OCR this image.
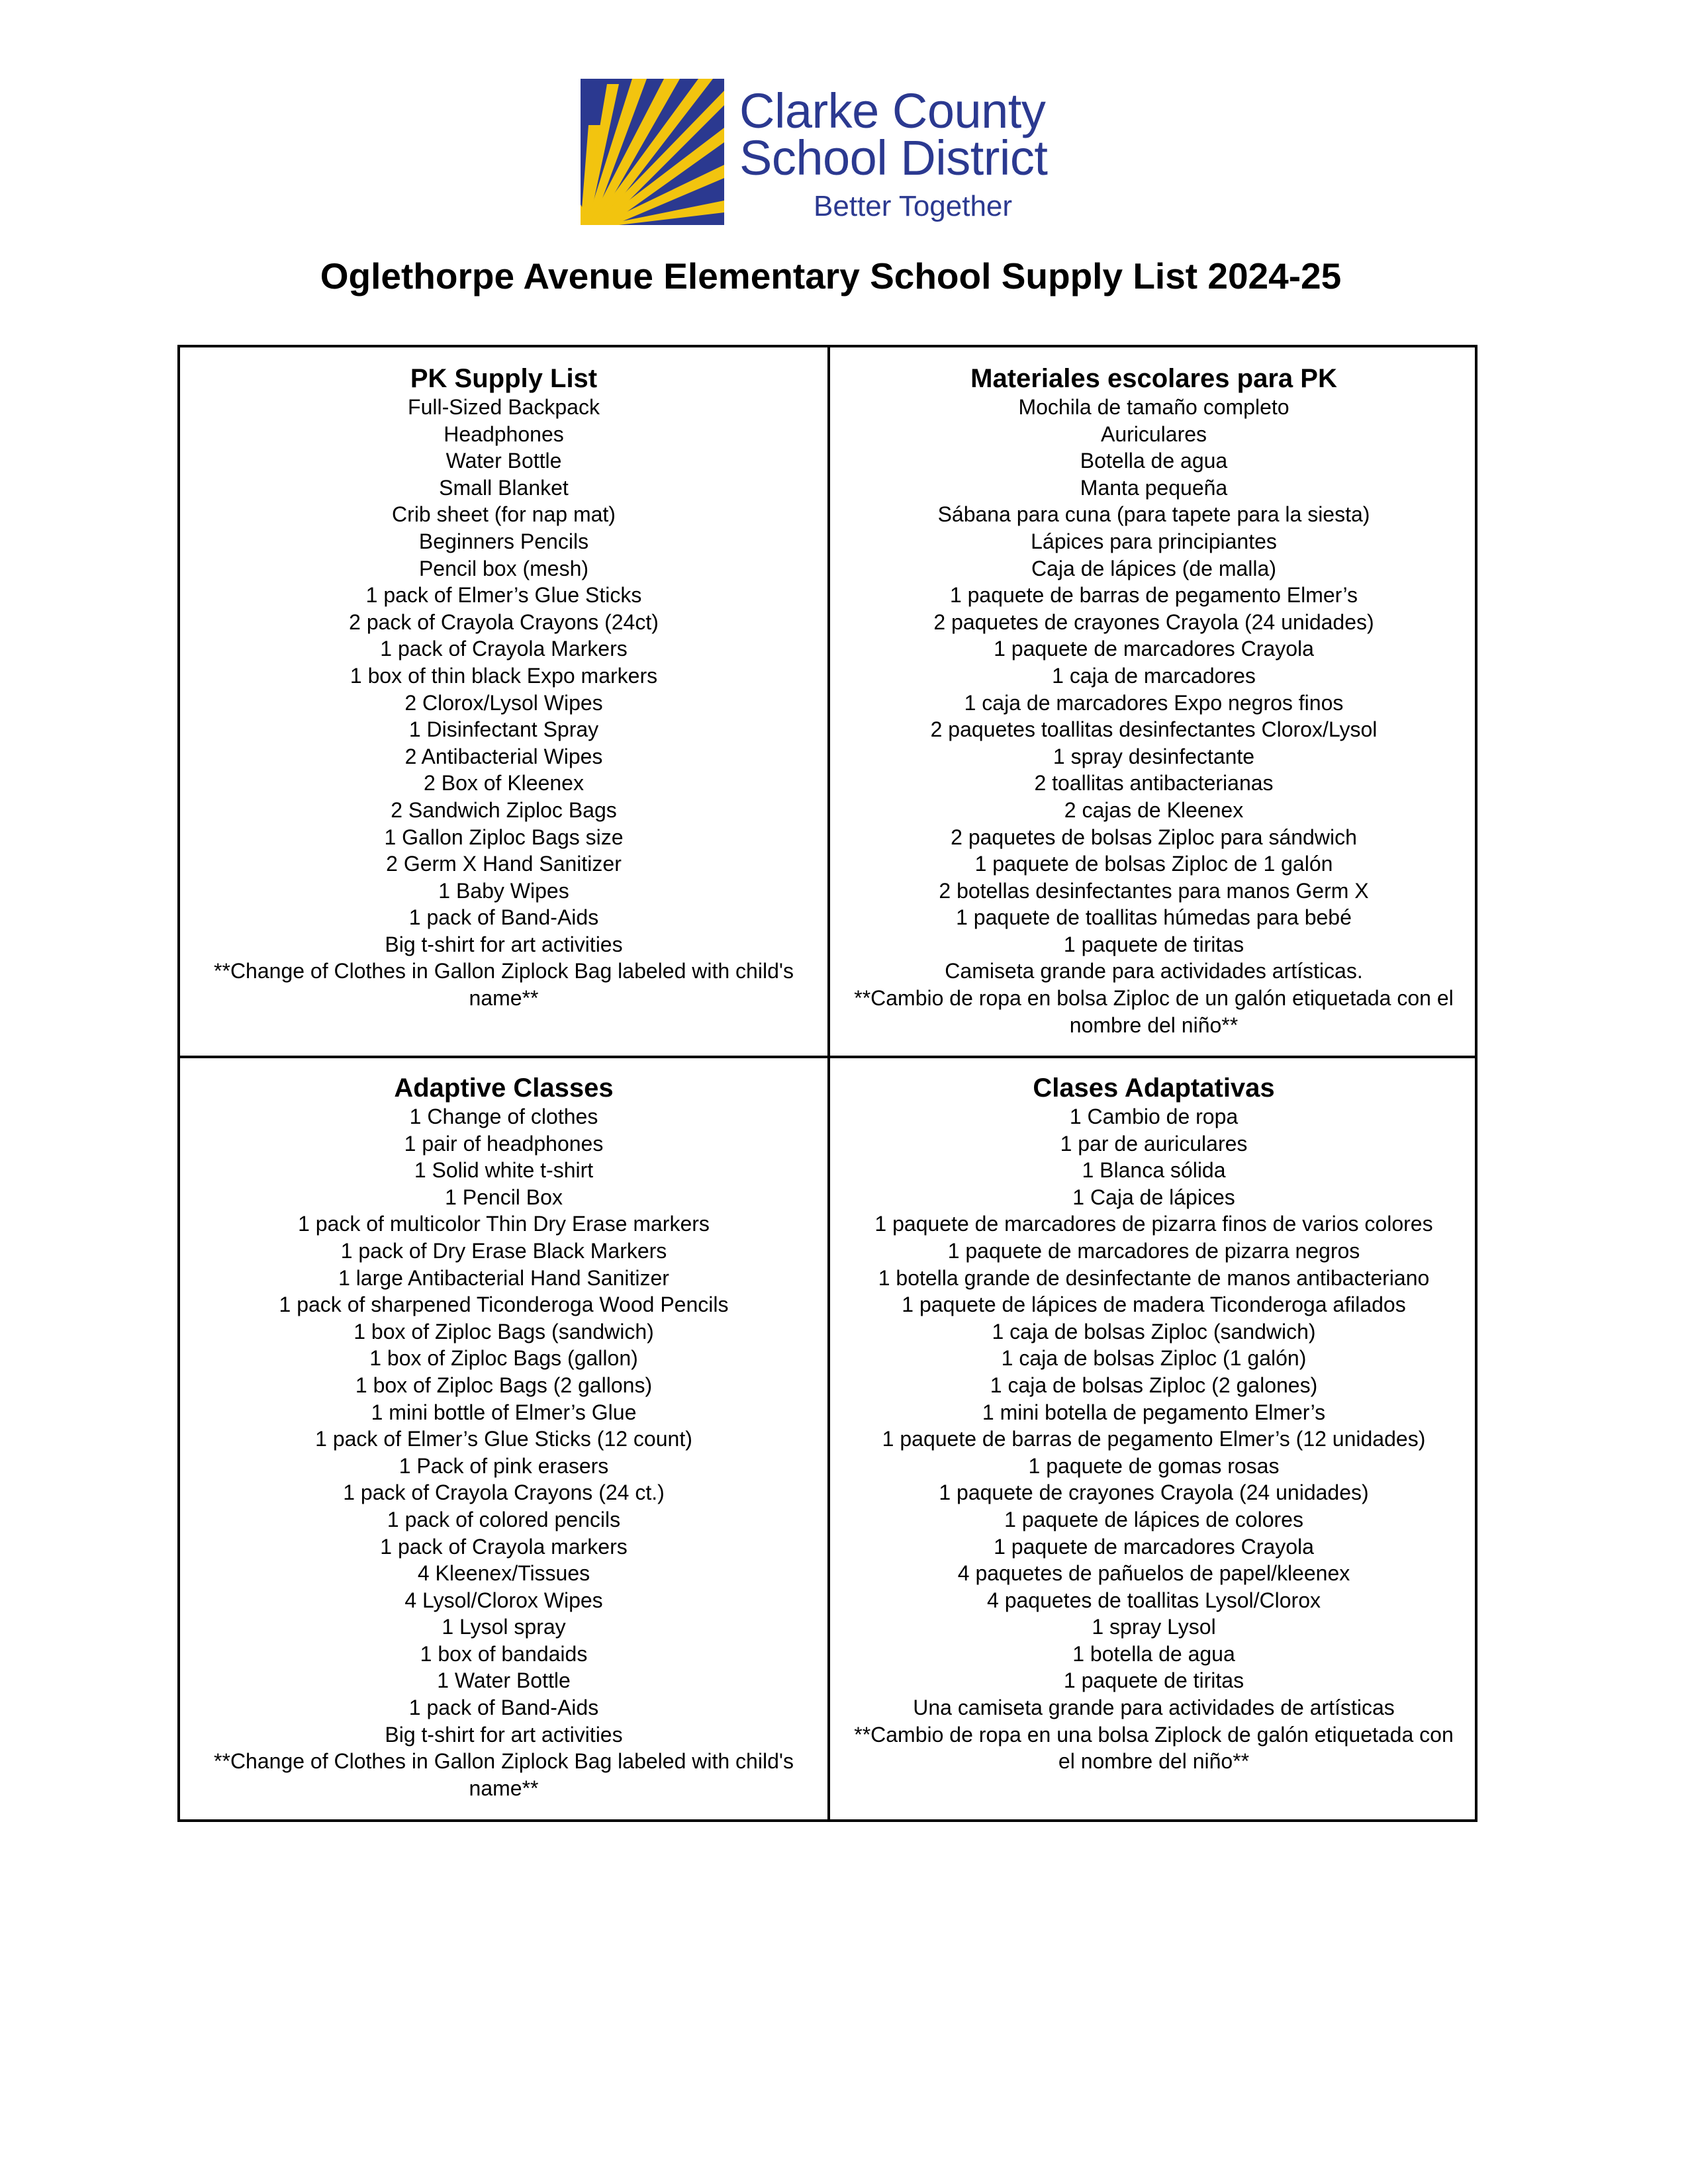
Clarke County
School District
Better Together
Oglethorpe Avenue Elementary School Supply List 2024-25
PK Supply List
Full-Sized Backpack
Headphones
Water Bottle
Small Blanket
Crib sheet (for nap mat)
Beginners Pencils
Pencil box (mesh)
1 pack of Elmer’s Glue Sticks
2 pack of Crayola Crayons (24ct)
1 pack of Crayola Markers
1 box of thin black Expo markers
2 Clorox/Lysol Wipes
1 Disinfectant Spray
2 Antibacterial Wipes
2 Box of Kleenex
2 Sandwich Ziploc Bags
1 Gallon Ziploc Bags size
2 Germ X Hand Sanitizer
1 Baby Wipes
1 pack of Band-Aids
Big t-shirt for art activities
**Change of Clothes in Gallon Ziplock Bag labeled with child's name**
Materiales escolares para PK
Mochila de tamaño completo
Auriculares
Botella de agua
Manta pequeña
Sábana para cuna (para tapete para la siesta)
Lápices para principiantes
Caja de lápices (de malla)
1 paquete de barras de pegamento Elmer’s
2 paquetes de crayones Crayola (24 unidades)
1 paquete de marcadores Crayola
1 caja de marcadores
1 caja de marcadores Expo negros finos
2 paquetes toallitas desinfectantes Clorox/Lysol
1 spray desinfectante
2 toallitas antibacterianas
2 cajas de Kleenex
2 paquetes de bolsas Ziploc para sándwich
1 paquete de bolsas Ziploc de 1 galón
2 botellas desinfectantes para manos Germ X
1 paquete de toallitas húmedas para bebé
1 paquete de tiritas
Camiseta grande para actividades artísticas.
**Cambio de ropa en bolsa Ziploc de un galón etiquetada con el nombre del niño**
Adaptive Classes
1 Change of clothes
1 pair of headphones
1 Solid white t-shirt
1 Pencil Box
1 pack of multicolor Thin Dry Erase markers
1 pack of Dry Erase Black Markers
1 large Antibacterial Hand Sanitizer
1 pack of sharpened Ticonderoga Wood Pencils
1 box of Ziploc Bags (sandwich)
1 box of Ziploc Bags (gallon)
1 box of Ziploc Bags (2 gallons)
1 mini bottle of Elmer’s Glue
1 pack of Elmer’s Glue Sticks (12 count)
1 Pack of pink erasers
1 pack of Crayola Crayons (24 ct.)
1 pack of colored pencils
1 pack of Crayola markers
4 Kleenex/Tissues
4 Lysol/Clorox Wipes
1 Lysol spray
1 box of bandaids
1 Water Bottle
1 pack of Band-Aids
Big t-shirt for art activities
**Change of Clothes in Gallon Ziplock Bag labeled with child's name**
Clases Adaptativas
1 Cambio de ropa
1 par de auriculares
1 Blanca sólida
1 Caja de lápices
1 paquete de marcadores de pizarra finos de varios colores
1 paquete de marcadores de pizarra negros
1 botella grande de desinfectante de manos antibacteriano
1 paquete de lápices de madera Ticonderoga afilados
1 caja de bolsas Ziploc (sandwich)
1 caja de bolsas Ziploc (1 galón)
1 caja de bolsas Ziploc (2 galones)
1 mini botella de pegamento Elmer’s
1 paquete de barras de pegamento Elmer’s (12 unidades)
1 paquete de gomas rosas
1 paquete de crayones Crayola (24 unidades)
1 paquete de lápices de colores
1 paquete de marcadores Crayola
4 paquetes de pañuelos de papel/kleenex
4 paquetes de toallitas Lysol/Clorox
1 spray Lysol
1 botella de agua
1 paquete de tiritas
Una camiseta grande para actividades de artísticas
**Cambio de ropa en una bolsa Ziplock de galón etiquetada con el nombre del niño**
